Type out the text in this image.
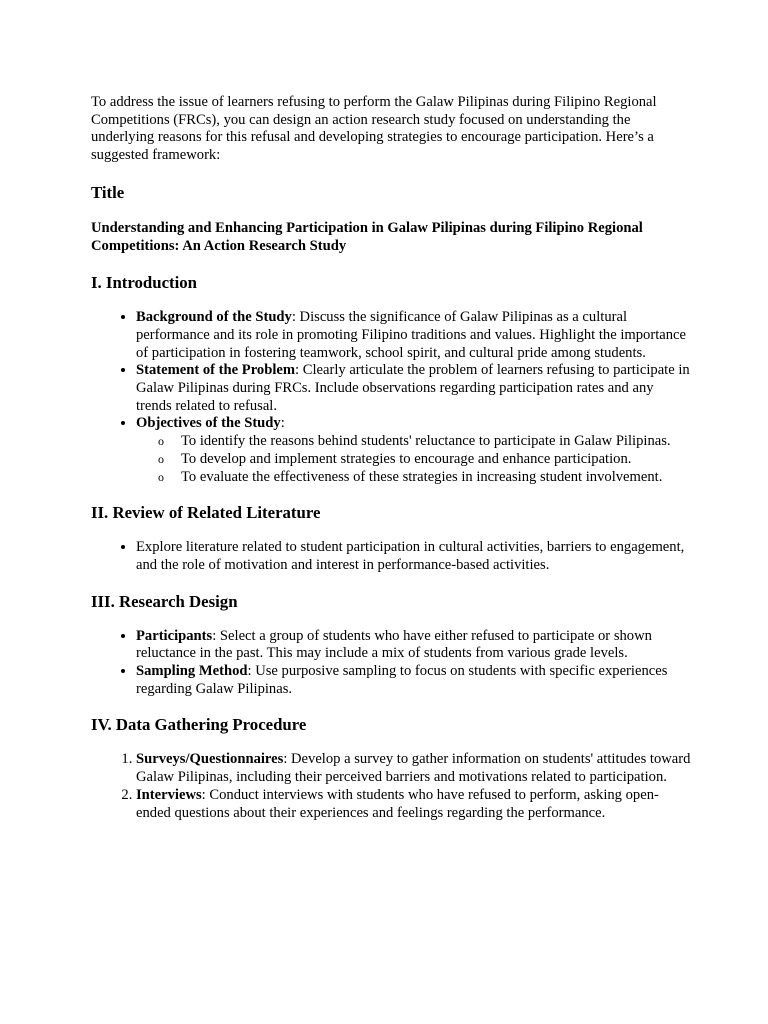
To address the issue of learners refusing to perform the Galaw Pilipinas during Filipino Regional Competitions (FRCs), you can design an action research study focused on understanding the underlying reasons for this refusal and developing strategies to encourage participation. Here’s a suggested framework:

Title
Understanding and Enhancing Participation in Galaw Pilipinas during Filipino Regional Competitions: An Action Research Study
I. Introduction
• Background of the Study: Discuss the significance of Galaw Pilipinas as a cultural performance and its role in promoting Filipino traditions and values. Highlight the importance of participation in fostering teamwork, school spirit, and cultural pride among students.
• Statement of the Problem: Clearly articulate the problem of learners refusing to participate in Galaw Pilipinas during FRCs. Include observations regarding participation rates and any trends related to refusal.
• Objectives of the Study:
o To identify the reasons behind students' reluctance to participate in Galaw Pilipinas.
o To develop and implement strategies to encourage and enhance participation.
o To evaluate the effectiveness of these strategies in increasing student involvement.
II. Review of Related Literature
• Explore literature related to student participation in cultural activities, barriers to engagement, and the role of motivation and interest in performance-based activities.
III. Research Design
• Participants: Select a group of students who have either refused to participate or shown reluctance in the past. This may include a mix of students from various grade levels.
• Sampling Method: Use purposive sampling to focus on students with specific experiences regarding Galaw Pilipinas.
IV. Data Gathering Procedure
1. Surveys/Questionnaires: Develop a survey to gather information on students' attitudes toward Galaw Pilipinas, including their perceived barriers and motivations related to participation.
2. Interviews: Conduct interviews with students who have refused to perform, asking open-ended questions about their experiences and feelings regarding the performance.
